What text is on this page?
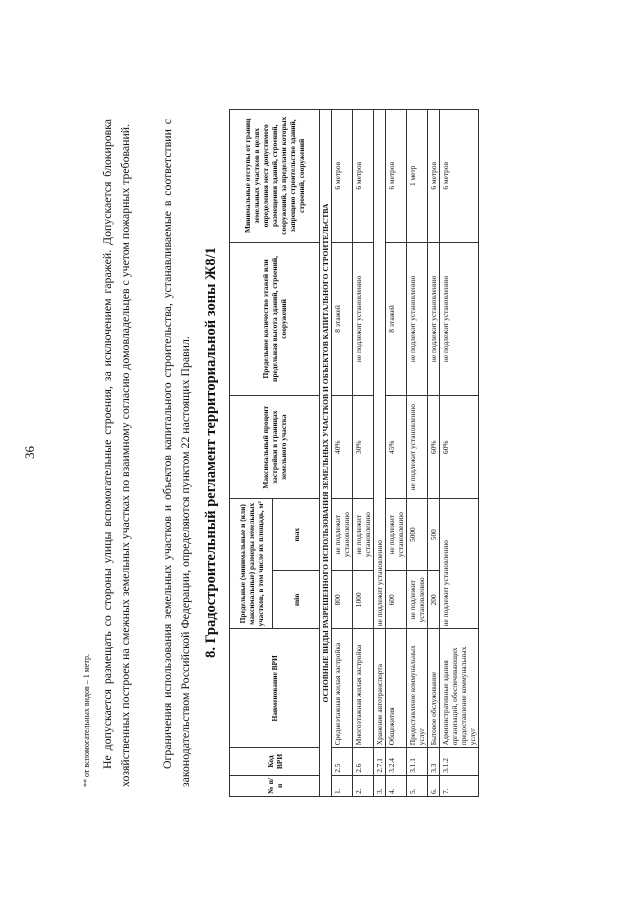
36
** от вспомогательных видов – 1 метр. Не допускается размещать со стороны улицы вспомогательные строения, за исключением гаражей. Допускается блокировка хозяйственных построек на смежных земельных участках по взаимному согласию домовладельцев с учетом пожарных требований. Ограничения использования земельных участков и объектов капитального строительства, устанавливаемые в соответствии с законодательством Российской Федерации, определяются пунктом 22 настоящих Правил. 8. Градостроительный регламент территориальной зоны Ж8/1
№ п/п	Код ВРИ	Наименование ВРИ	Предельные (минимальные и (или) максимальные) размеры земельных участков, в том числе их площадь, м²		Максимальный процент застройки в границах земельного участка	Предельное количество этажей или предельная высота зданий, строений, сооружений	Минимальные отступы от границ земельных участков в целях определения мест допустимого размещения зданий, строений, сооружений, за пределами которых запрещено строительство зданий, строений, сооружений
			min	max			
ОСНОВНЫЕ ВИДЫ РАЗРЕШЕННОГО ИСПОЛЬЗОВАНИЯ ЗЕМЕЛЬНЫХ УЧАСТКОВ И ОБЪЕКТОВ КАПИТАЛЬНОГО СТРОИТЕЛЬСТВА							
1.	2.5	Среднеэтажная жилая застройка	800	не подлежит установлению	40%	8 этажей	6 метров
2.	2.6	Многоэтажная жилая застройка	1000	не подлежит установлению	30%	не подлежит установлению	6 метров
3.	2.7.1	Хранение автотранспорта	не подлежит установлению				
4.	3.2.4	Общежития	600	не подлежит установлению	45%	8 этажей	6 метров
5.	3.1.1	Предоставление коммунальных услуг	не подлежит установлению	5000	не подлежит установлению	не подлежит установлению	1 метр
6.	3.3	Бытовое обслуживание	200	500	60%	не подлежит установлению	6 метров
7.	3.1.2	Административные здания организаций, обеспечивающих предоставление коммунальных услуг	не подлежит установлению		60%	не подлежит установлению	6 метров
